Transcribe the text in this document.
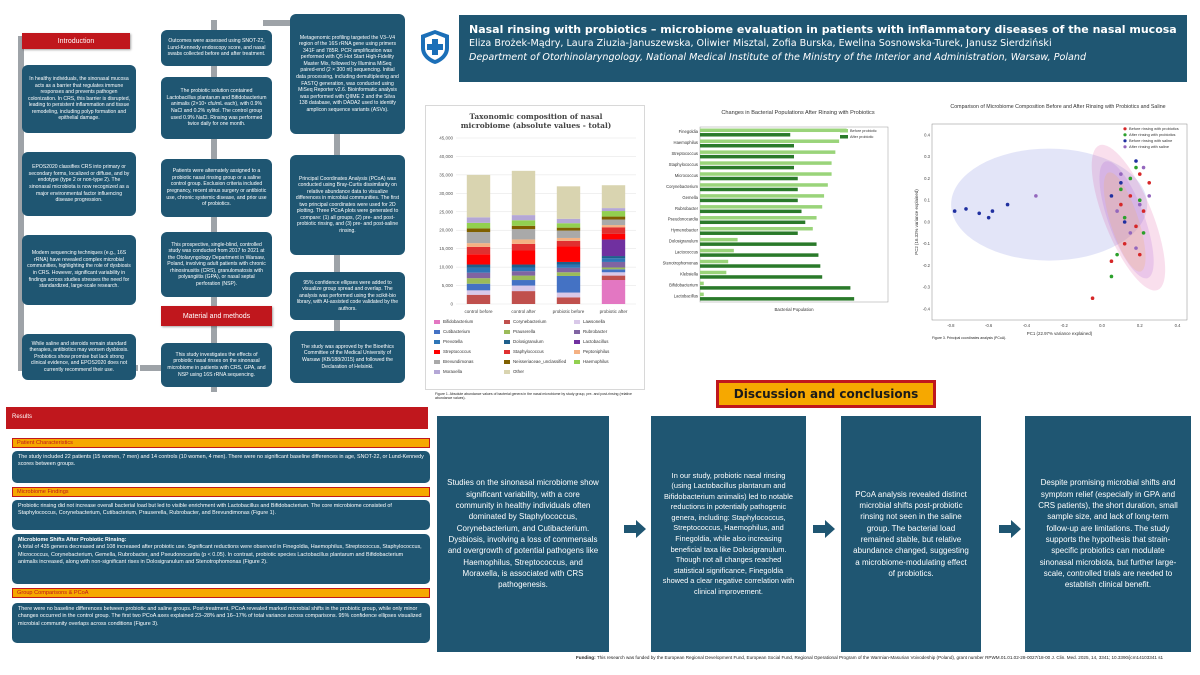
Introduction
In healthy individuals, the sinonasal mucosa acts as a barrier that regulates immune responses and prevents pathogen colonization. In CRS, this barrier is disrupted, leading to persistent inflammation and tissue remodeling, including polyp formation and epithelial damage.
EPOS2020 classifies CRS into primary or secondary forms, localized or diffuse, and by endotype (type 2 or non-type 2). The sinonasal microbiota is now recognized as a major environmental factor influencing disease progression.
Modern sequencing techniques (e.g., 16S rRNA) have revealed complex microbial communities, highlighting the role of dysbiosis in CRS. However, significant variability in findings across studies stresses the need for standardized, large-scale research.
While saline and steroids remain standard therapies, antibiotics may worsen dysbiosis. Probiotics show promise but lack strong clinical evidence, and EPOS2020 does not currently recommend their use.
Outcomes were assessed using SNOT-22, Lund-Kennedy endoscopy score, and nasal swabs collected before and after treatment.
The probiotic solution contained Lactobacillus plantarum and Bifidobacterium animalis (2×10⁹ cfu/mL each), with 0.9% NaCl and 0.2% xylitol. The control group used 0.9% NaCl. Rinsing was performed twice daily for one month.
Patients were alternately assigned to a probiotic nasal rinsing group or a saline control group. Exclusion criteria included pregnancy, recent sinus surgery or antibiotic use, chronic systemic disease, and prior use of probiotics.
This prospective, single-blind, controlled study was conducted from 2017 to 2021 at the Otolaryngology Department in Warsaw, Poland, involving adult patients with chronic rhinosinusitis (CRS), granulomatosis with polyangiitis (GPA), or nasal septal perforation (NSP).
Material and methods
This study investigates the effects of probiotic nasal rinses on the sinonasal microbiome in patients with CRS, GPA, and NSP using 16S rRNA sequencing.
Metagenomic profiling targeted the V3–V4 region of the 16S rRNA gene using primers 341F and 785R. PCR amplification was performed with Q5 Hot Start High-Fidelity Master Mix, followed by Illumina MiSeq paired-end (2 × 300 nt) sequencing. Initial data processing, including demultiplexing and FASTQ generation, was conducted using MiSeq Reporter v2.6. Bioinformatic analysis was performed with QIIME 2 and the Silva 138 database, with DADA2 used to identify amplicon sequence variants (ASVs).
Principal Coordinates Analysis (PCoA) was conducted using Bray-Curtis dissimilarity on relative abundance data to visualize differences in microbial communities. The first two principal coordinates were used for 2D plotting. Three PCoA plots were generated to compare: (1) all groups, (2) pre- and post-probiotic rinsing, and (3) pre- and post-saline rinsing.
95% confidence ellipses were added to visualize group spread and overlap. The analysis was performed using the scikit-bio library, with AI-assisted code validated by the authors.
The study was approved by the Bioethics Committee of the Medical University of Warsaw (KB/188/2015) and followed the Declaration of Helsinki.
Nasal rinsing with probiotics – microbiome evaluation in patients with inflammatory diseases of the nasal mucosa
Eliza Brożek-Mądry, Laura Ziuzia-Januszewska, Oliwier Misztal, Zofia Burska, Ewelina Sosnowska-Turek, Janusz Sierdziński
Department of Otorhinolaryngology, National Medical Institute of the Ministry of the Interior and Administration, Warsaw, Poland
Taxonomic composition of nasal microbiome (absolute values - total)
0
5,000
10,000
15,000
20,000
25,000
30,000
35,000
40,000
45,000
control before	control after	probiotic before	probiotic after
Bifidobacterium	Corynebacterium	Lawsonella
Cutibacterium	Prauserella	Rubrobacter
Prevotella	Dolosigranulum	Lactobacillus
Streptococcus	Staphylococcus	Peptoniphilus
Brevundimonas	Neisseriaceae_unclassified	Haemophilus
Moraxella	Other
Figure 1. Absolute abundance values of bacterial genera in the nasal microbiome by study group, pre- and post-rinsing (relative abundance values).
Changes in Bacterial Populations After Rinsing with Probiotics
Finegoldia
Haemophilus
Streptococcus
Staphylococcus
Micrococcus
Corynebacterium
Gemella
Rubrobacter
Pseudonocardia
Hymenobacter
Dolosigranulum
Lactococcus
Stenotrophomonas
Klebsiella
Bifidobacterium
Lactobacillus
Bacterial Population
Before probiotic
After probiotic
Comparison of Microbiome Composition Before and After Rinsing with Probiotics and Saline
-0.8	-0.6	-0.4	-0.2	0.0	0.2	0.4
0.4
0.3
0.2
0.1
0.0
-0.1
-0.2
-0.3
-0.4
PC1 (22.97% variance explained)
PC2 (16.32% variance explained)
Before rinsing with probiotics
After rinsing with probiotics
Before rinsing with saline
After rinsing with saline
Figure 3. Principal coordinates analysis (PCoA).
Results
Patient Characteristics
The study included 22 patients (15 women, 7 men) and 14 controls (10 women, 4 men). There were no significant baseline differences in age, SNOT-22, or Lund-Kennedy scores between groups.
Microbiome Findings
Probiotic rinsing did not increase overall bacterial load but led to visible enrichment with Lactobacillus and Bifidobacterium. The core microbiome consisted of Staphylococcus, Corynebacterium, Cutibacterium, Prauserella, Rubrobacter, and Brevundimonas (Figure 1).
Microbiome Shifts After Probiotic Rinsing:
A total of 435 genera decreased and 108 increased after probiotic use. Significant reductions were observed in Finegoldia, Haemophilus, Streptococcus, Staphylococcus, Micrococcus, Corynebacterium, Gemella, Rubrobacter, and Pseudonocardia (p < 0.05). In contrast, probiotic species Lactobacillus plantarum and Bifidobacterium animalis increased, along with non-significant rises in Dolosigranulum and Stenotrophomonas (Figure 2).
Group Comparisons & PCoA
There were no baseline differences between probiotic and saline groups. Post-treatment, PCoA revealed marked microbial shifts in the probiotic group, while only minor changes occurred in the control group. The first two PCoA axes explained 23–28% and 16–17% of total variance across comparisons. 95% confidence ellipses visualized microbial community overlaps across conditions (Figure 3).
Discussion and conclusions
Studies on the sinonasal microbiome show significant variability, with a core community in healthy individuals often dominated by Staphylococcus, Corynebacterium, and Cutibacterium. Dysbiosis, involving a loss of commensals and overgrowth of potential pathogens like Haemophilus, Streptococcus, and Moraxella, is associated with CRS pathogenesis.
In our study, probiotic nasal rinsing (using Lactobacillus plantarum and Bifidobacterium animalis) led to notable reductions in potentially pathogenic genera, including: Staphylococcus, Streptococcus, Haemophilus, and Finegoldia, while also increasing beneficial taxa like Dolosigranulum. Though not all changes reached statistical significance, Finegoldia showed a clear negative correlation with clinical improvement.
PCoA analysis revealed distinct microbial shifts post-probiotic rinsing not seen in the saline group. The bacterial load remained stable, but relative abundance changed, suggesting a microbiome-modulating effect of probiotics.
Despite promising microbial shifts and symptom relief (especially in GPA and CRS patients), the short duration, small sample size, and lack of long-term follow-up are limitations. The study supports the hypothesis that strain-specific probiotics can modulate sinonasal microbiota, but further large-scale, controlled trials are needed to establish clinical benefit.
Funding: This research was funded by the European Regional Development Fund, European Social Fund, Regional Operational Program of the Warmian-Masurian Voivodeship (Poland), grant number RPWM.01.01.02-28-0027/18-00 J. Clin. Med. 2025, 14, 3341; 10.3390/jcm14103341 s1
